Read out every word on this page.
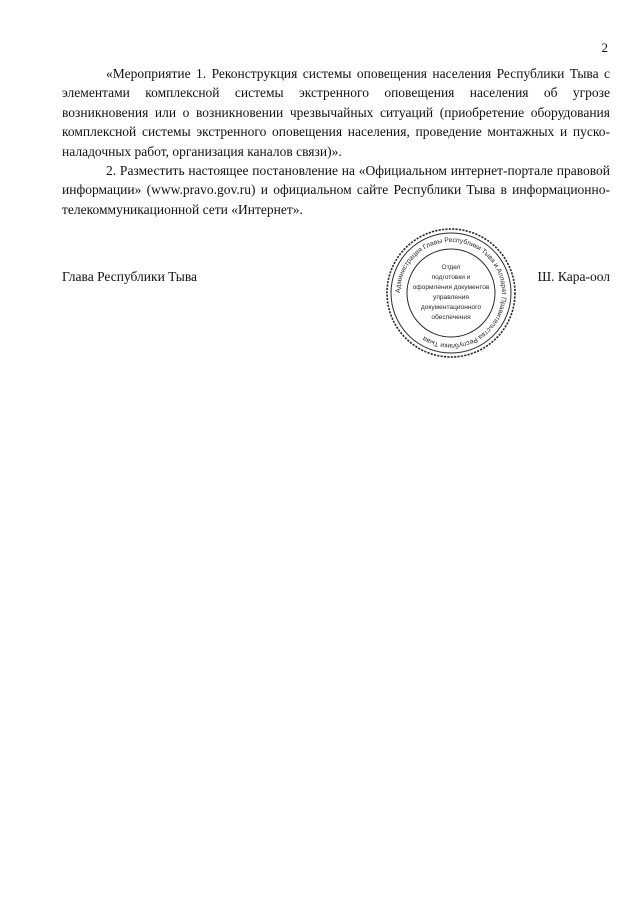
2

«Мероприятие 1. Реконструкция системы оповещения населения Республики Тыва с элементами комплексной системы экстренного оповещения населения об угрозе возникновения или о возникновении чрезвычайных ситуаций (приобретение оборудования комплексной системы экстренного оповещения населения, проведение монтажных и пуско-наладочных работ, организация каналов связи)».

2. Разместить настоящее постановление на «Официальном интернет-портале правовой информации» (www.pravo.gov.ru) и официальном сайте Республики Тыва в информационно-телекоммуникационной сети «Интернет».

Глава Республики Тыва	Ш. Кара-оол
Администрация Главы Республики Тыва и Аппарат Правительства Республики Тыва
Отдел
подготовки и
оформления документов
управления
документационного
обеспечения
